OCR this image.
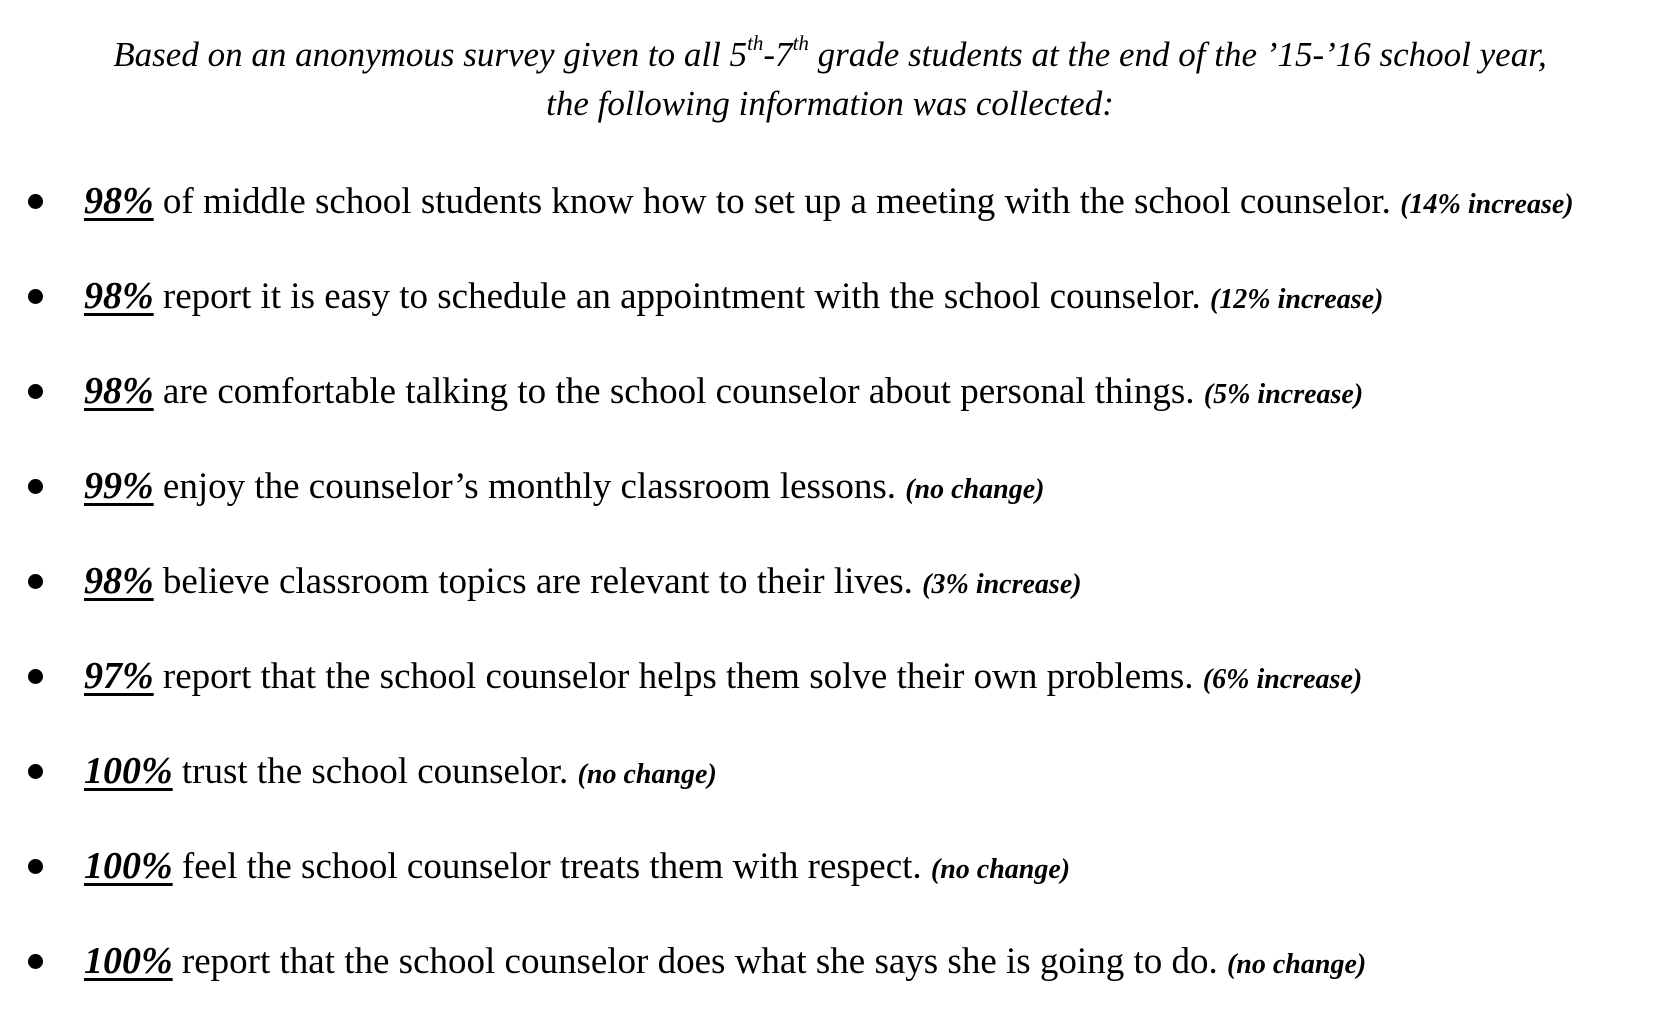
Based on an anonymous survey given to all 5th-7th grade students at the end of the ’15-’16 school year,
the following information was collected:
98% of middle school students know how to set up a meeting with the school counselor. (14% increase)
98% report it is easy to schedule an appointment with the school counselor. (12% increase)
98% are comfortable talking to the school counselor about personal things. (5% increase)
99% enjoy the counselor’s monthly classroom lessons. (no change)
98% believe classroom topics are relevant to their lives. (3% increase)
97% report that the school counselor helps them solve their own problems. (6% increase)
100% trust the school counselor. (no change)
100% feel the school counselor treats them with respect. (no change)
100% report that the school counselor does what she says she is going to do. (no change)
